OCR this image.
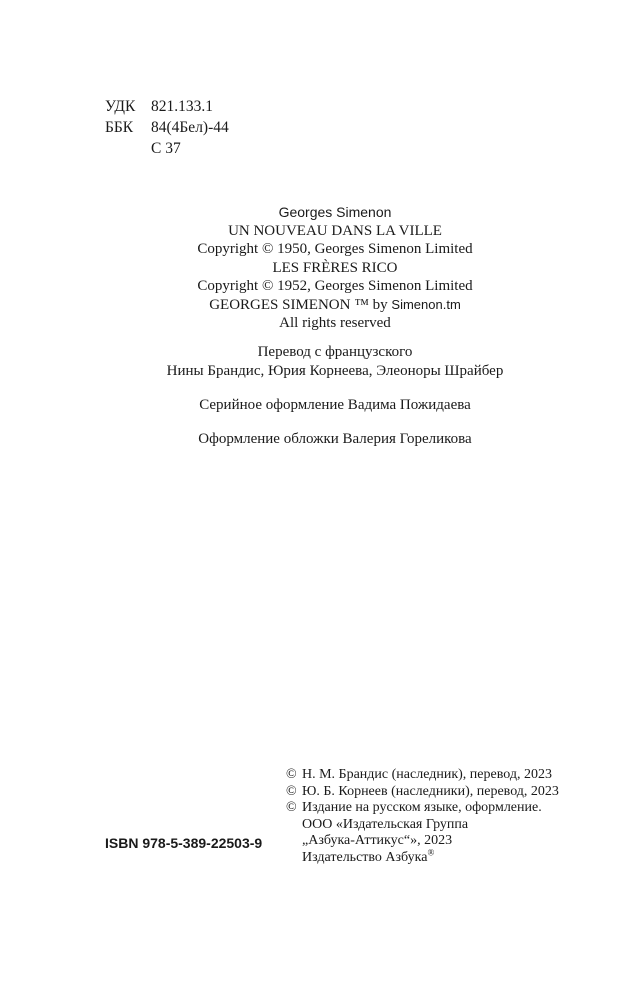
УДК	821.133.1
ББК	84(4Бел)-44
С 37
Georges Simenon
UN NOUVEAU DANS LA VILLE
Copyright © 1950, Georges Simenon Limited
LES FRÈRES RICO
Copyright © 1952, Georges Simenon Limited
GEORGES SIMENON ™ by Simenon.tm
All rights reserved
Перевод с французского
Нины Брандис, Юрия Корнеева, Элеоноры Шрайбер
Серийное оформление Вадима Пожидаева
Оформление обложки Валерия Гореликова
© Н. М. Брандис (наследник), перевод, 2023
© Ю. Б. Корнеев (наследники), перевод, 2023
© Издание на русском языке, оформление.
ООО «Издательская Группа
„Азбука-Аттикус“», 2023
Издательство Азбука®
ISBN 978-5-389-22503-9
